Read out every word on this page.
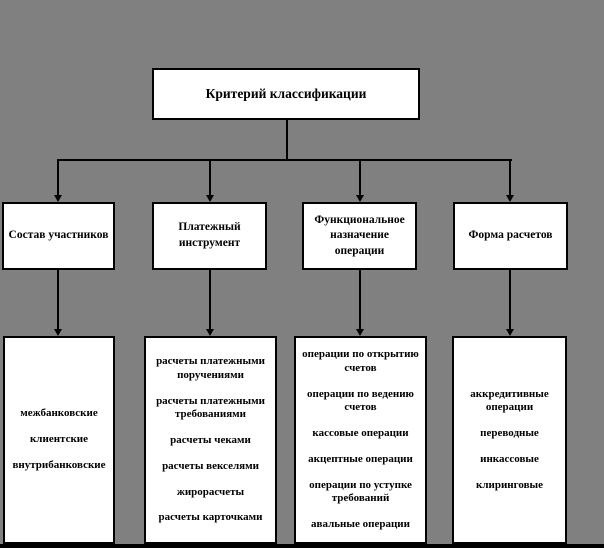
Критерий классификации
Состав участников
Платежный инструмент
Функциональное назначение операции
Форма расчетов
межбанковские
клиентские
внутрибанковские
расчеты платежными поручениями
расчеты платежными требованиями
расчеты чеками
расчеты векселями
жирорасчеты
расчеты карточками
операции по открытию счетов
операции по ведению счетов
кассовые операции
акцептные операции
операции по уступке требований
авальные операции
аккредитивные операции
переводные
инкассовые
клиринговые
